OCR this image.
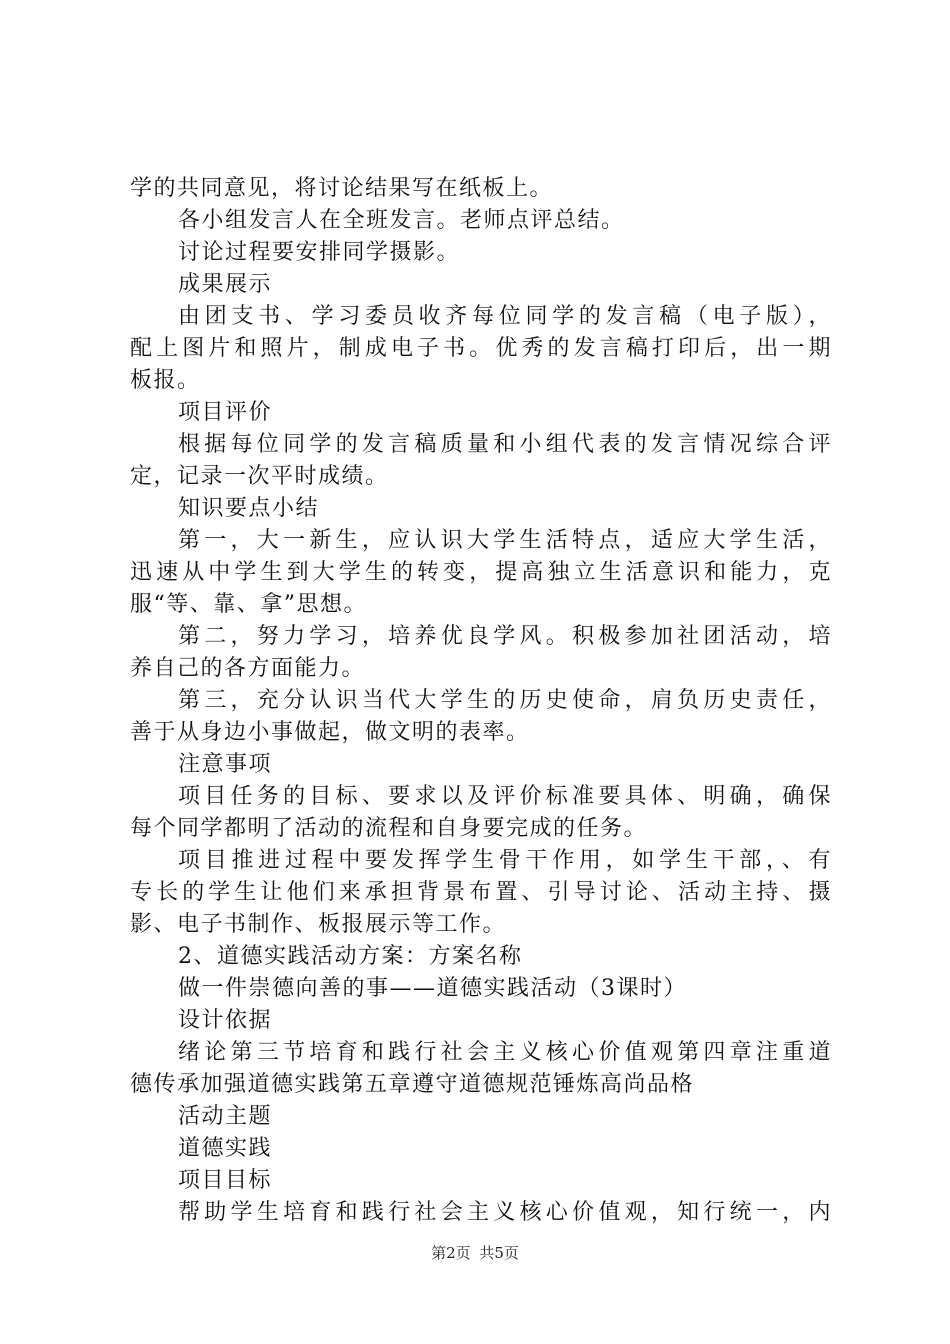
学的共同意见，将讨论结果写在纸板上。
各小组发言人在全班发言。老师点评总结。
讨论过程要安排同学摄影。
成果展示
由团支书、学习委员收齐每位同学的发言稿（电子版），
配上图片和照片，制成电子书。优秀的发言稿打印后，出一期
板报。
项目评价
根据每位同学的发言稿质量和小组代表的发言情况综合评
定，记录一次平时成绩。
知识要点小结
第一，大一新生，应认识大学生活特点，适应大学生活，
迅速从中学生到大学生的转变，提高独立生活意识和能力，克
服“等、靠、拿”思想。
第二，努力学习，培养优良学风。积极参加社团活动，培
养自己的各方面能力。
第三，充分认识当代大学生的历史使命，肩负历史责任，
善于从身边小事做起，做文明的表率。
注意事项
项目任务的目标、要求以及评价标准要具体、明确，确保
每个同学都明了活动的流程和自身要完成的任务。
项目推进过程中要发挥学生骨干作用，如学生干部，、有
专长的学生让他们来承担背景布置、引导讨论、活动主持、摄
影、电子书制作、板报展示等工作。
2、道德实践活动方案：方案名称
做一件崇德向善的事——道德实践活动（3课时）
设计依据
绪论第三节培育和践行社会主义核心价值观第四章注重道
德传承加强道德实践第五章遵守道德规范锤炼高尚品格
活动主题
道德实践
项目目标
帮助学生培育和践行社会主义核心价值观，知行统一，内
第2页 共5页
